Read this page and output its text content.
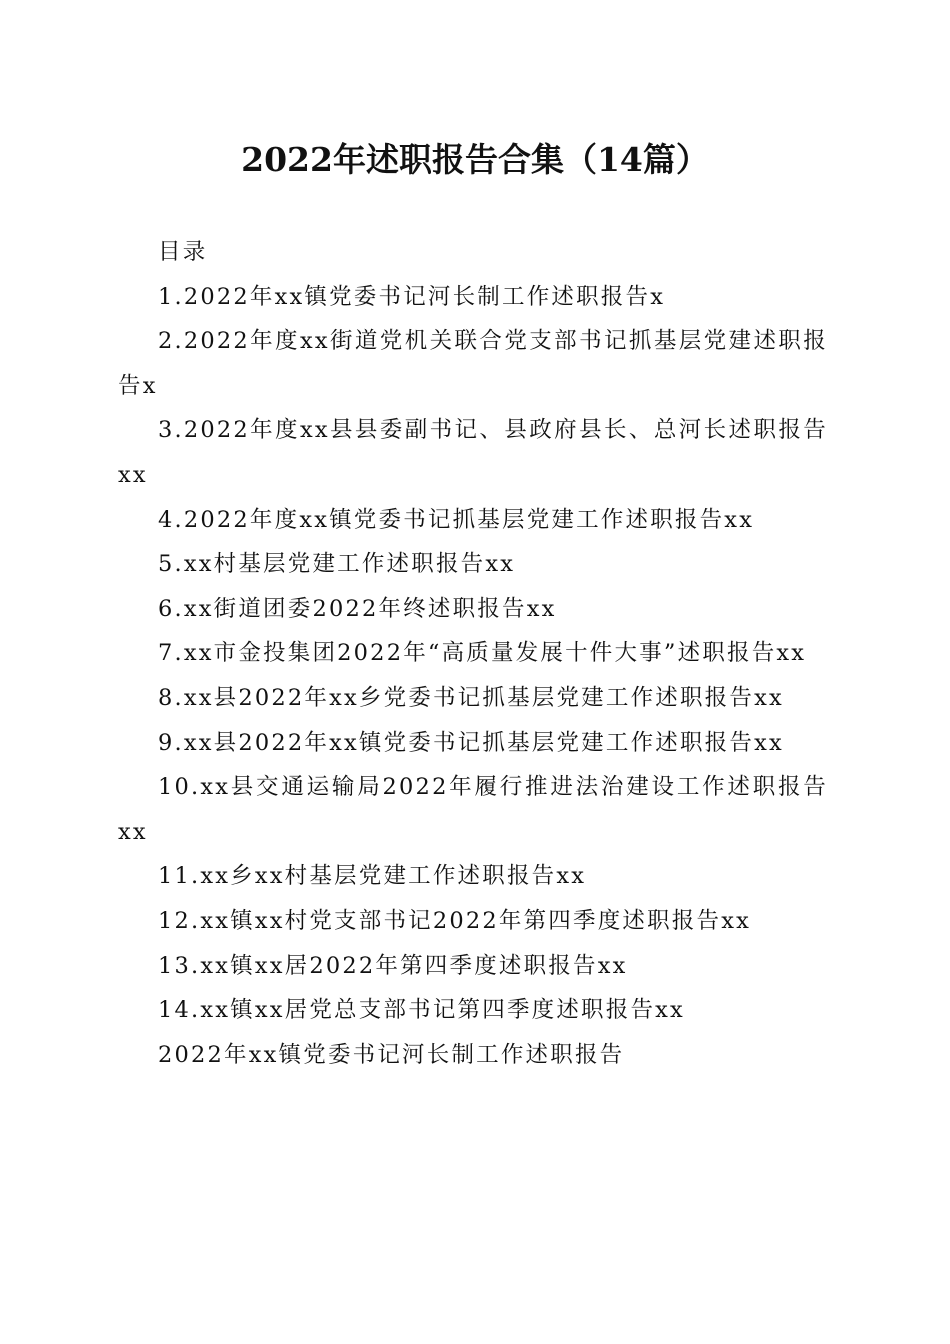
2022年述职报告合集（14篇）

目录

1.2022年xx镇党委书记河长制工作述职报告x

2.2022年度xx街道党机关联合党支部书记抓基层党建述职报告x

3.2022年度xx县县委副书记、县政府县长、总河长述职报告xx

4.2022年度xx镇党委书记抓基层党建工作述职报告xx

5.xx村基层党建工作述职报告xx

6.xx街道团委2022年终述职报告xx

7.xx市金投集团2022年“高质量发展十件大事”述职报告xx

8.xx县2022年xx乡党委书记抓基层党建工作述职报告xx

9.xx县2022年xx镇党委书记抓基层党建工作述职报告xx

10.xx县交通运输局2022年履行推进法治建设工作述职报告xx

11.xx乡xx村基层党建工作述职报告xx

12.xx镇xx村党支部书记2022年第四季度述职报告xx

13.xx镇xx居2022年第四季度述职报告xx

14.xx镇xx居党总支部书记第四季度述职报告xx

2022年xx镇党委书记河长制工作述职报告
